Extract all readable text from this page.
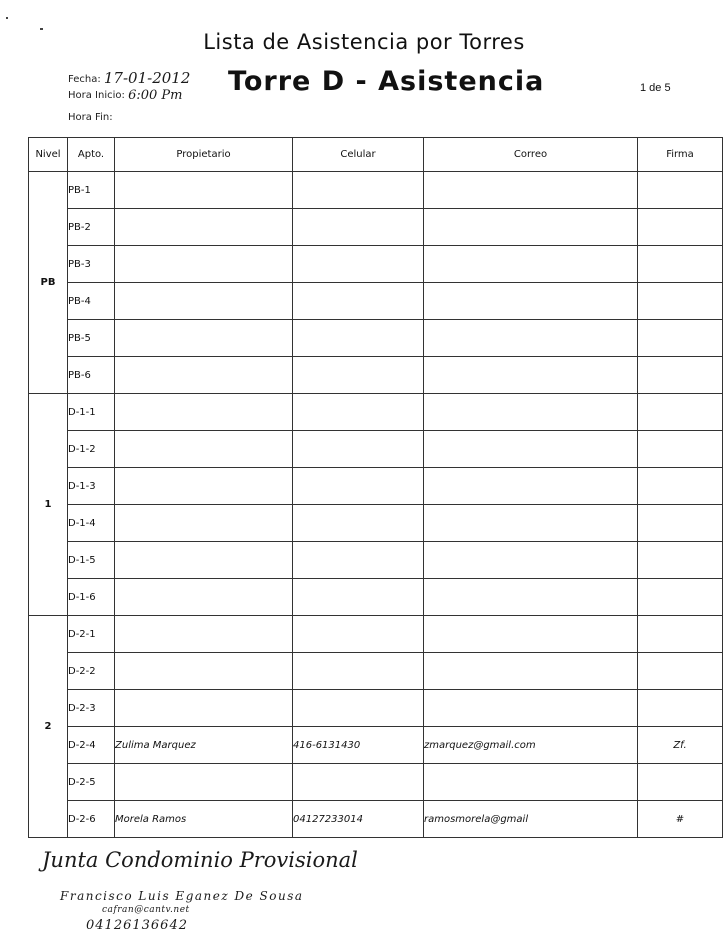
Lista de Asistencia por Torres
Fecha: 17-01-2012
Hora Inicio: 6:00 Pm
Hora Fin:
Torre D - Asistencia	1 de 5
Nivel	Apto.	Propietario	Celular	Correo	Firma
PB	PB-1				
	PB-2				
	PB-3				
	PB-4				
	PB-5				
	PB-6				
1	D-1-1				
	D-1-2				
	D-1-3				
	D-1-4				
	D-1-5				
	D-1-6				
2	D-2-1				
	D-2-2				
	D-2-3				
	D-2-4	Zulima Marquez	416-6131430	zmarquez@gmail.com	Zf.
	D-2-5				
	D-2-6	Morela Ramos	04127233014	ramosmorela@gmail	#
Junta Condominio Provisional
Francisco Luis Eganez De Sousa
cafran@cantv.net
04126136642
